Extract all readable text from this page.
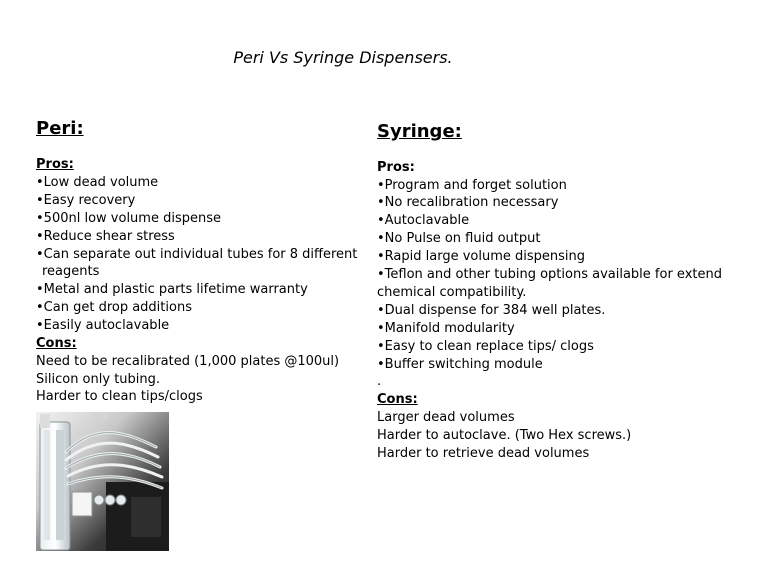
Peri Vs Syringe Dispensers.
Peri:
Pros:
•Low dead volume
•Easy recovery
•500nl low volume dispense
•Reduce shear stress
•Can separate out individual tubes for 8 different
reagents
•Metal and plastic parts lifetime warranty
•Can get drop additions
•Easily autoclavable
Cons:
Need to be recalibrated (1,000 plates @100ul)
Silicon only tubing.
Harder to clean tips/clogs
Syringe:
Pros:
•Program and forget solution
•No recalibration necessary
•Autoclavable
•No Pulse on fluid output
•Rapid large volume dispensing
•Teflon and other tubing options available for extend
chemical compatibility.
•Dual dispense for 384 well plates.
•Manifold modularity
•Easy to clean replace tips/ clogs
•Buffer switching module
.
Cons:
Larger dead volumes
Harder to autoclave. (Two Hex screws.)
Harder to retrieve dead volumes
